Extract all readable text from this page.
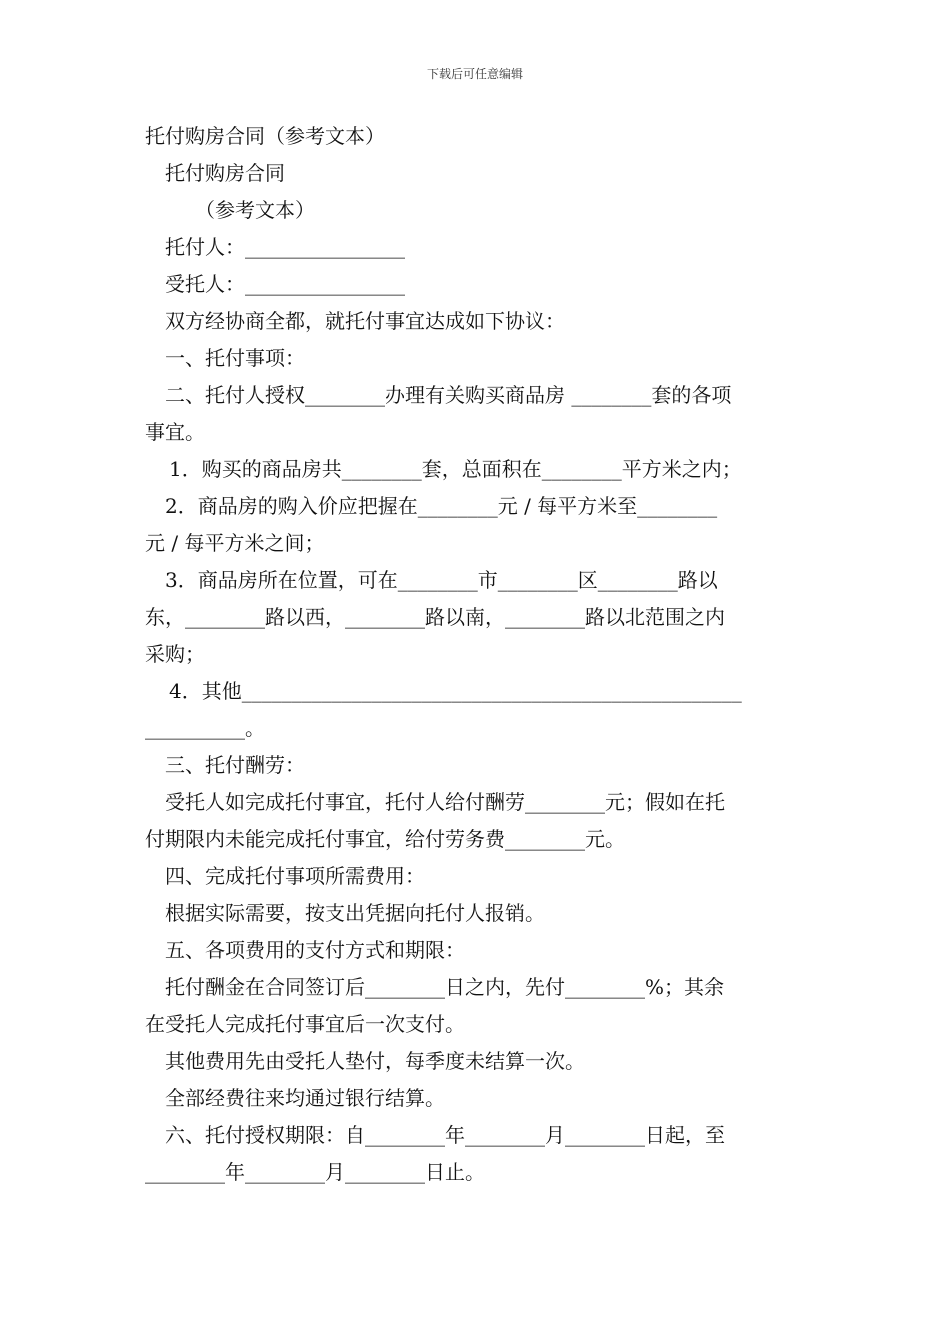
下载后可任意编辑
托付购房合同（参考文本）
托付购房合同
（参考文本）
托付人：________________
受托人：________________
双方经协商全都，就托付事宜达成如下协议：
一、托付事项：
二、托付人授权________办理有关购买商品房 ________套的各项
事宜。
1．购买的商品房共________套，总面积在________平方米之内；
2．商品房的购入价应把握在________元 / 每平方米至________
元 / 每平方米之间；
3．商品房所在位置，可在________市________区________路以
东，________路以西，________路以南，________路以北范围之内
采购；
4．其他__________________________________________________
__________。
三、托付酬劳：
受托人如完成托付事宜，托付人给付酬劳________元；假如在托
付期限内未能完成托付事宜，给付劳务费________元。
四、完成托付事项所需费用：
根据实际需要，按支出凭据向托付人报销。
五、各项费用的支付方式和期限：
托付酬金在合同签订后________日之内，先付________%；其余
在受托人完成托付事宜后一次支付。
其他费用先由受托人垫付，每季度未结算一次。
全部经费往来均通过银行结算。
六、托付授权期限：自________年________月________日起，至
________年________月________日止。
